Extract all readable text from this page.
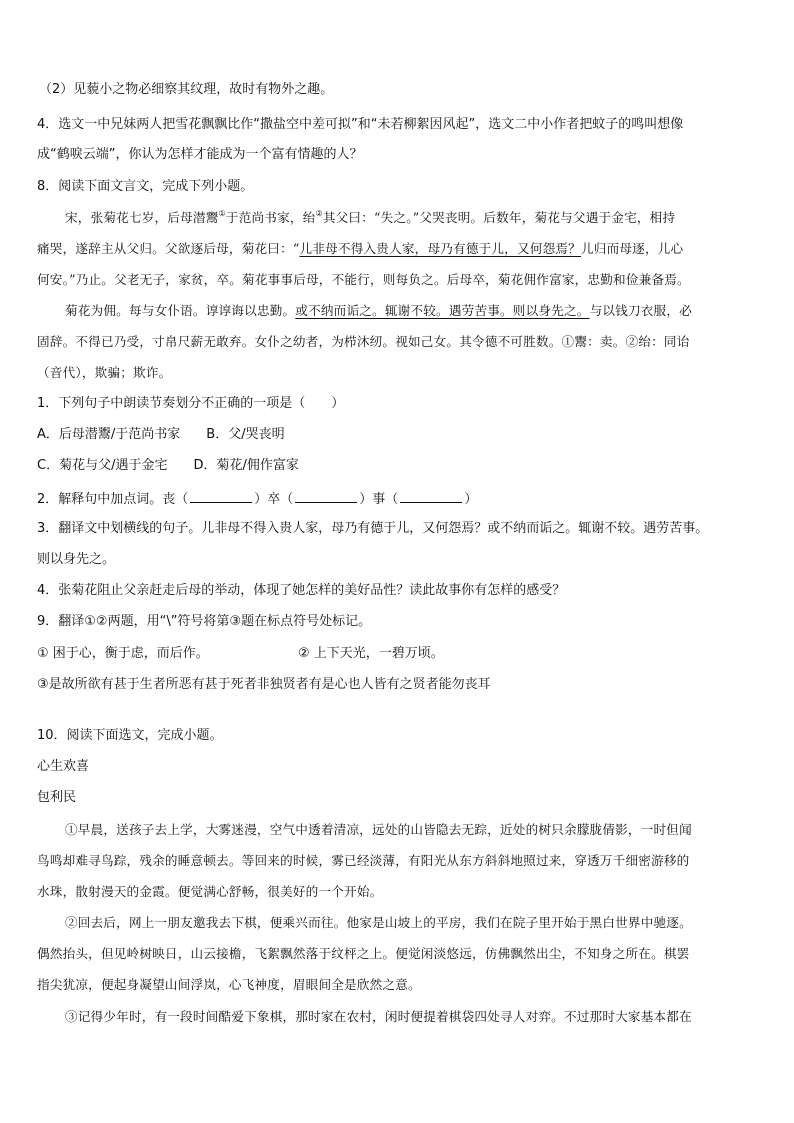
（2）见藐小之物必细察其纹理，故时有物外之趣。
4．选文一中兄妹两人把雪花飘飘比作“撒盐空中差可拟”和“未若柳絮因风起”，选文二中小作者把蚊子的鸣叫想像
成“鹤唳云端”，你认为怎样才能成为一个富有情趣的人？
8．阅读下面文言文，完成下列小题。
宋，张菊花七岁，后母潜鬻①于范尚书家，绐②其父曰：“失之。”父哭丧明。后数年，菊花与父遇于金宅，相持
痛哭，遂辞主从父归。父欲逐后母，菊花曰：“儿非母不得入贵人家，母乃有德于儿，又何怨焉？儿归而母逐，儿心
何安。”乃止。父老无子，家贫，卒。菊花事事后母，不能行，则每负之。后母卒，菊花佣作富家，忠勤和俭兼备焉。
菊花为佣。每与女仆语。谆谆诲以忠勤。或不纳而诟之。辄谢不较。遇劳苦事。则以身先之。与以钱刀衣服，必
固辞。不得已乃受，寸帛尺薪无敢弃。女仆之幼者，为栉沐纫。视如己女。其令德不可胜数。①鬻：卖。②绐：同诒
（音代），欺骗；欺诈。
1．下列句子中朗读节奏划分不正确的一项是（　　）
A．后母潜鬻/于范尚书家　　B．父/哭丧明
C．菊花与父/遇于金宅　　D．菊花/佣作富家
2．解释句中加点词。丧（	）卒（	）事（	）
3．翻译文中划横线的句子。儿非母不得入贵人家，母乃有德于儿，又何怨焉？或不纳而诟之。辄谢不较。遇劳苦事。
则以身先之。
4．张菊花阻止父亲赶走后母的举动，体现了她怎样的美好品性？读此故事你有怎样的感受？
9．翻译①②两题，用“\”符号将第③题在标点符号处标记。
① 困于心，衡于虑，而后作。	② 上下天光，一碧万顷。
③是故所欲有甚于生者所恶有甚于死者非独贤者有是心也人皆有之贤者能勿丧耳
10．阅读下面选文，完成小题。
心生欢喜
包利民
①早晨，送孩子去上学，大雾迷漫，空气中透着清凉，远处的山皆隐去无踪，近处的树只余朦胧倩影，一时但闻
鸟鸣却难寻鸟踪，残余的睡意顿去。等回来的时候，雾已经淡薄，有阳光从东方斜斜地照过来，穿透万千细密游移的
水珠，散射漫天的金霞。便觉满心舒畅，很美好的一个开始。
②回去后，网上一朋友邀我去下棋，便乘兴而往。他家是山坡上的平房，我们在院子里开始于黑白世界中驰逐。
偶然抬头，但见岭树映日，山云接檐，飞絮飘然落于纹枰之上。便觉闲淡悠远，仿佛飘然出尘，不知身之所在。棋罢
指尖犹凉，便起身凝望山间浮岚，心飞神度，眉眼间全是欣然之意。
③记得少年时，有一段时间酷爱下象棋，那时家在农村，闲时便提着棋袋四处寻人对弈。不过那时大家基本都在
